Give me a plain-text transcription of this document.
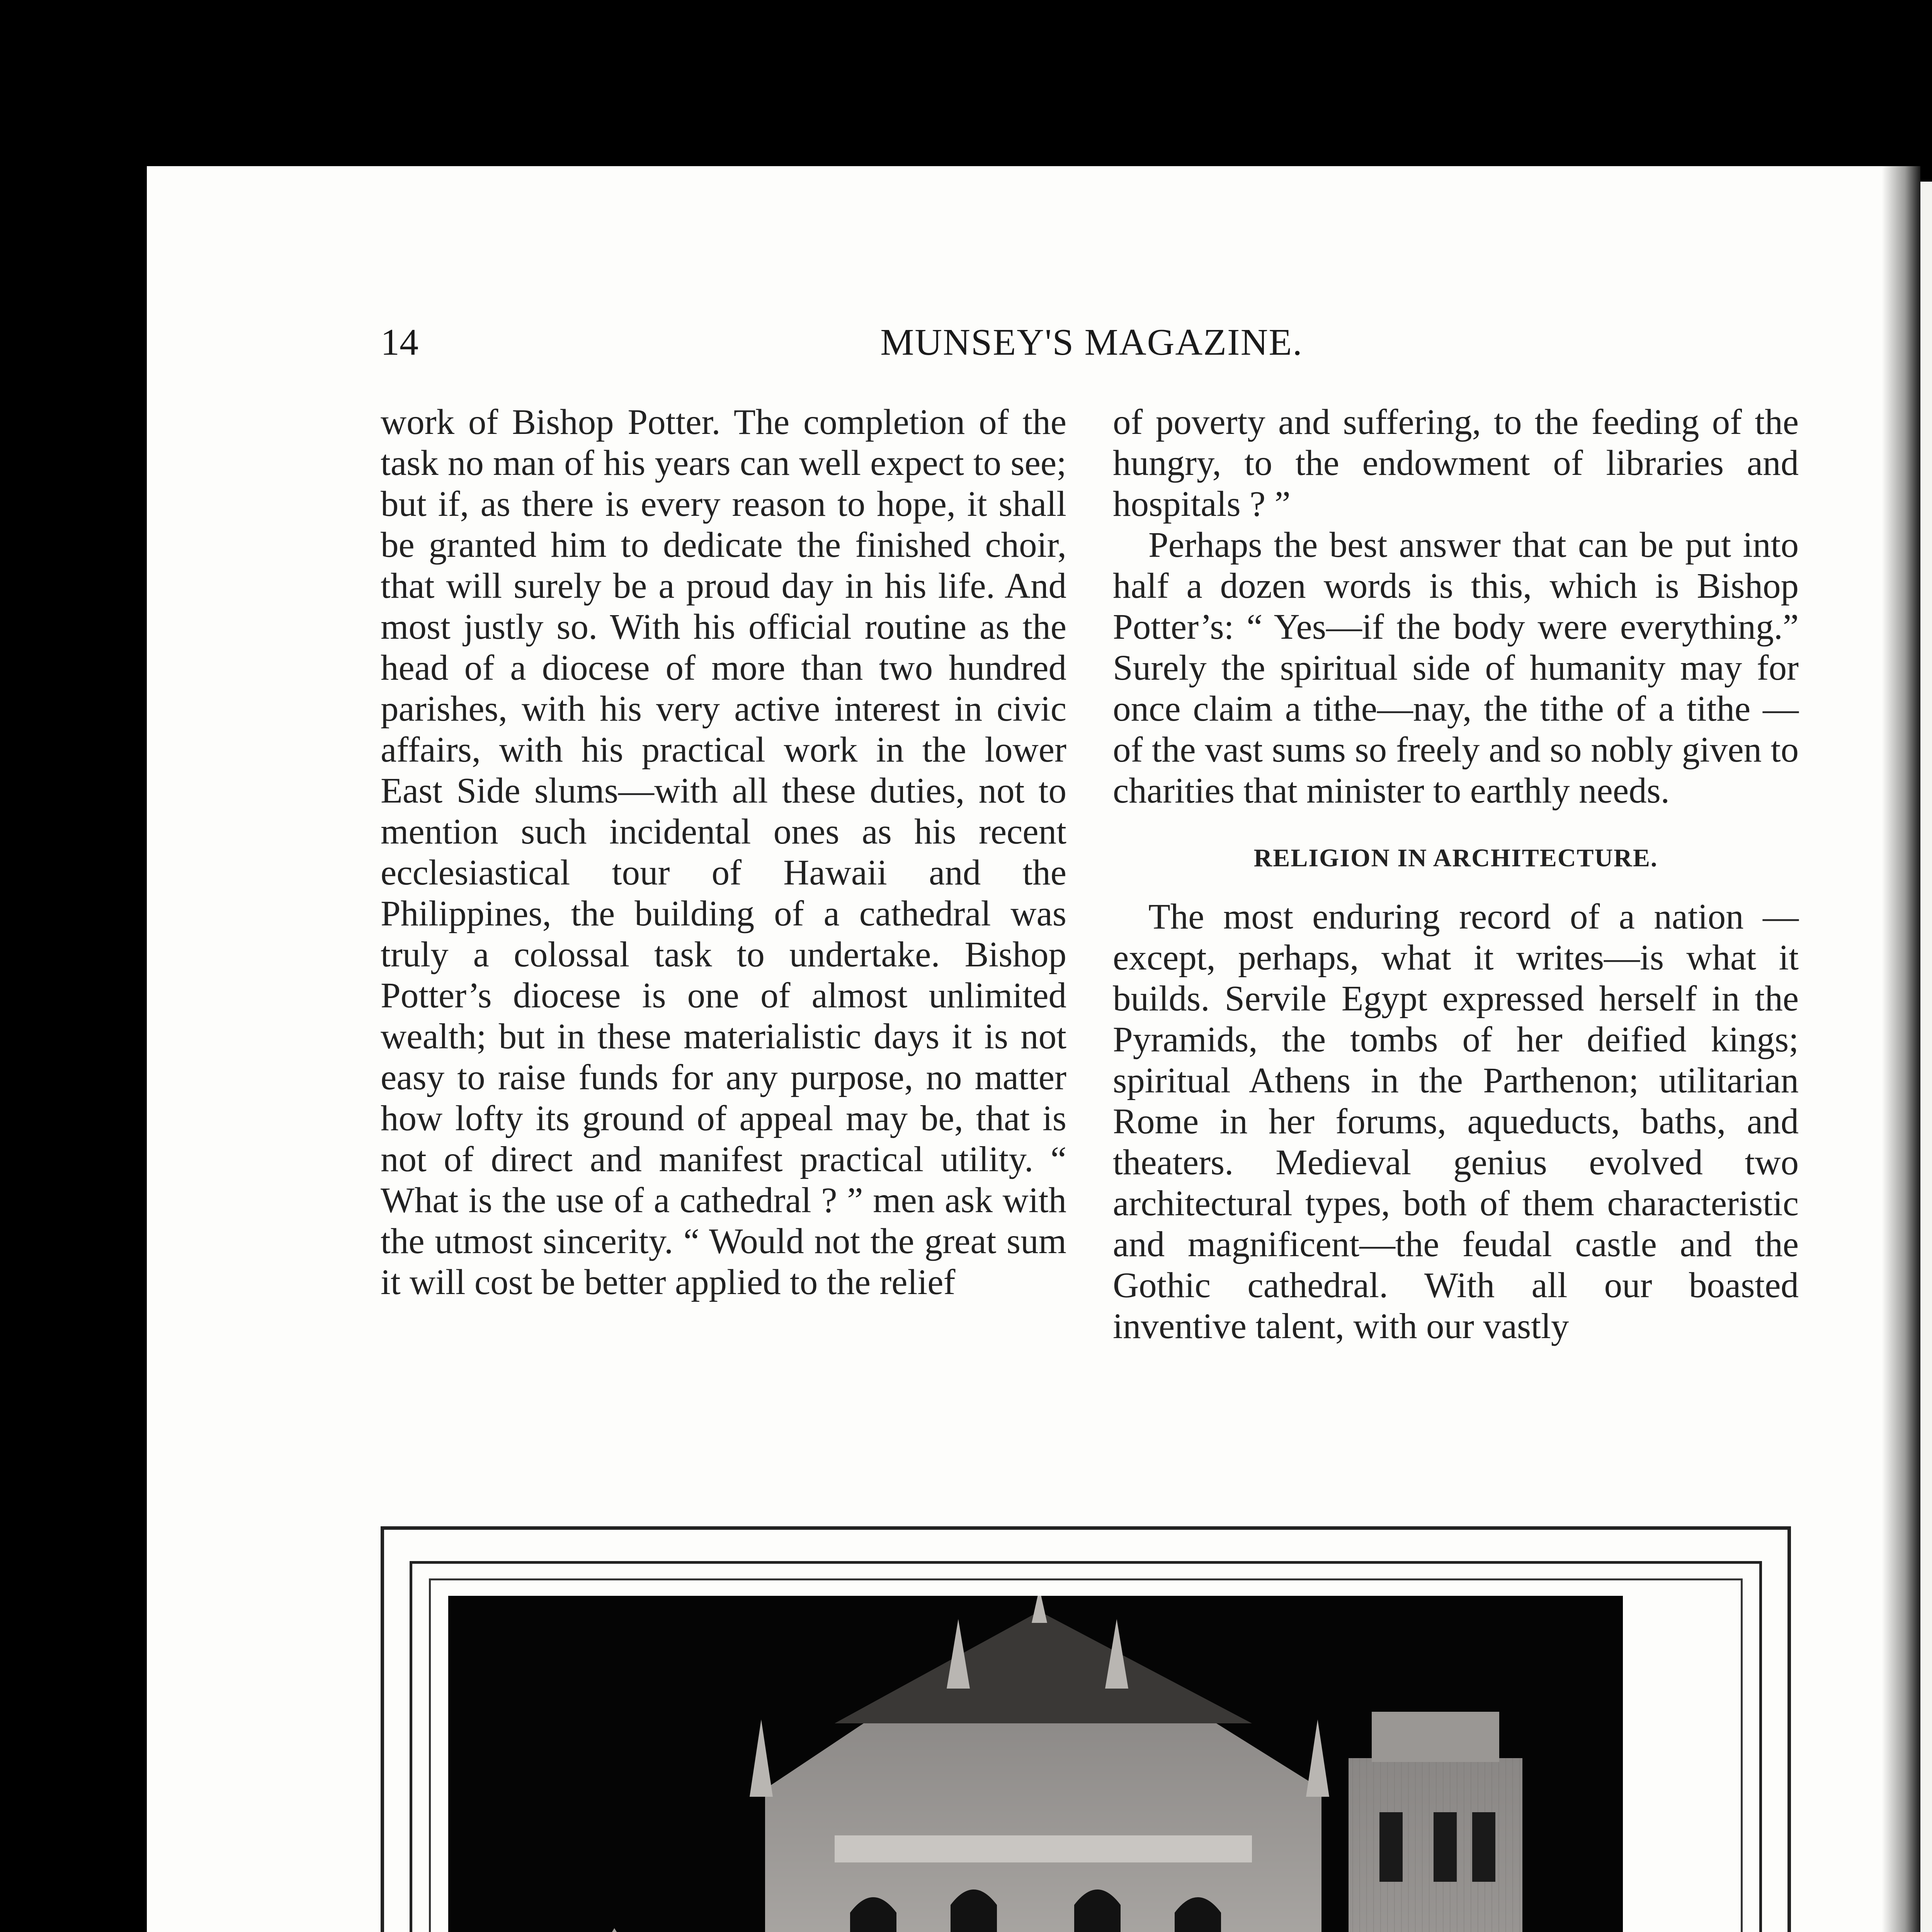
14	MUNSEY'S MAGAZINE.

work of Bishop Potter. The completion of the task no man of his years can well expect to see; but if, as there is every reason to hope, it shall be granted him to dedicate the finished choir, that will surely be a proud day in his life. And most justly so. With his official routine as the head of a diocese of more than two hundred parishes, with his very active interest in civic affairs, with his practical work in the lower East Side slums—with all these duties, not to mention such incidental ones as his recent ecclesiastical tour of Hawaii and the Philippines, the building of a cathedral was truly a colossal task to undertake. Bishop Potter’s diocese is one of almost unlimited wealth; but in these materialistic days it is not easy to raise funds for any purpose, no matter how lofty its ground of appeal may be, that is not of direct and manifest practical utility. “ What is the use of a cathedral ? ” men ask with the utmost sincerity. “ Would not the great sum it will cost be better applied to the relief

of poverty and suffering, to the feeding of the hungry, to the endowment of libraries and hospitals ? ”

Perhaps the best answer that can be put into half a dozen words is this, which is Bishop Potter’s: “ Yes—if the body were everything.” Surely the spiritual side of humanity may for once claim a tithe—nay, the tithe of a tithe —of the vast sums so freely and so nobly given to charities that minister to earthly needs.

RELIGION IN ARCHITECTURE.

The most enduring record of a nation —except, perhaps, what it writes—is what it builds. Servile Egypt expressed herself in the Pyramids, the tombs of her deified kings; spiritual Athens in the Parthenon; utilitarian Rome in her forums, aqueducts, baths, and theaters. Medieval genius evolved two architectural types, both of them characteristic and magnificent—the feudal castle and the Gothic cathedral. With all our boasted inventive talent, with our vastly
